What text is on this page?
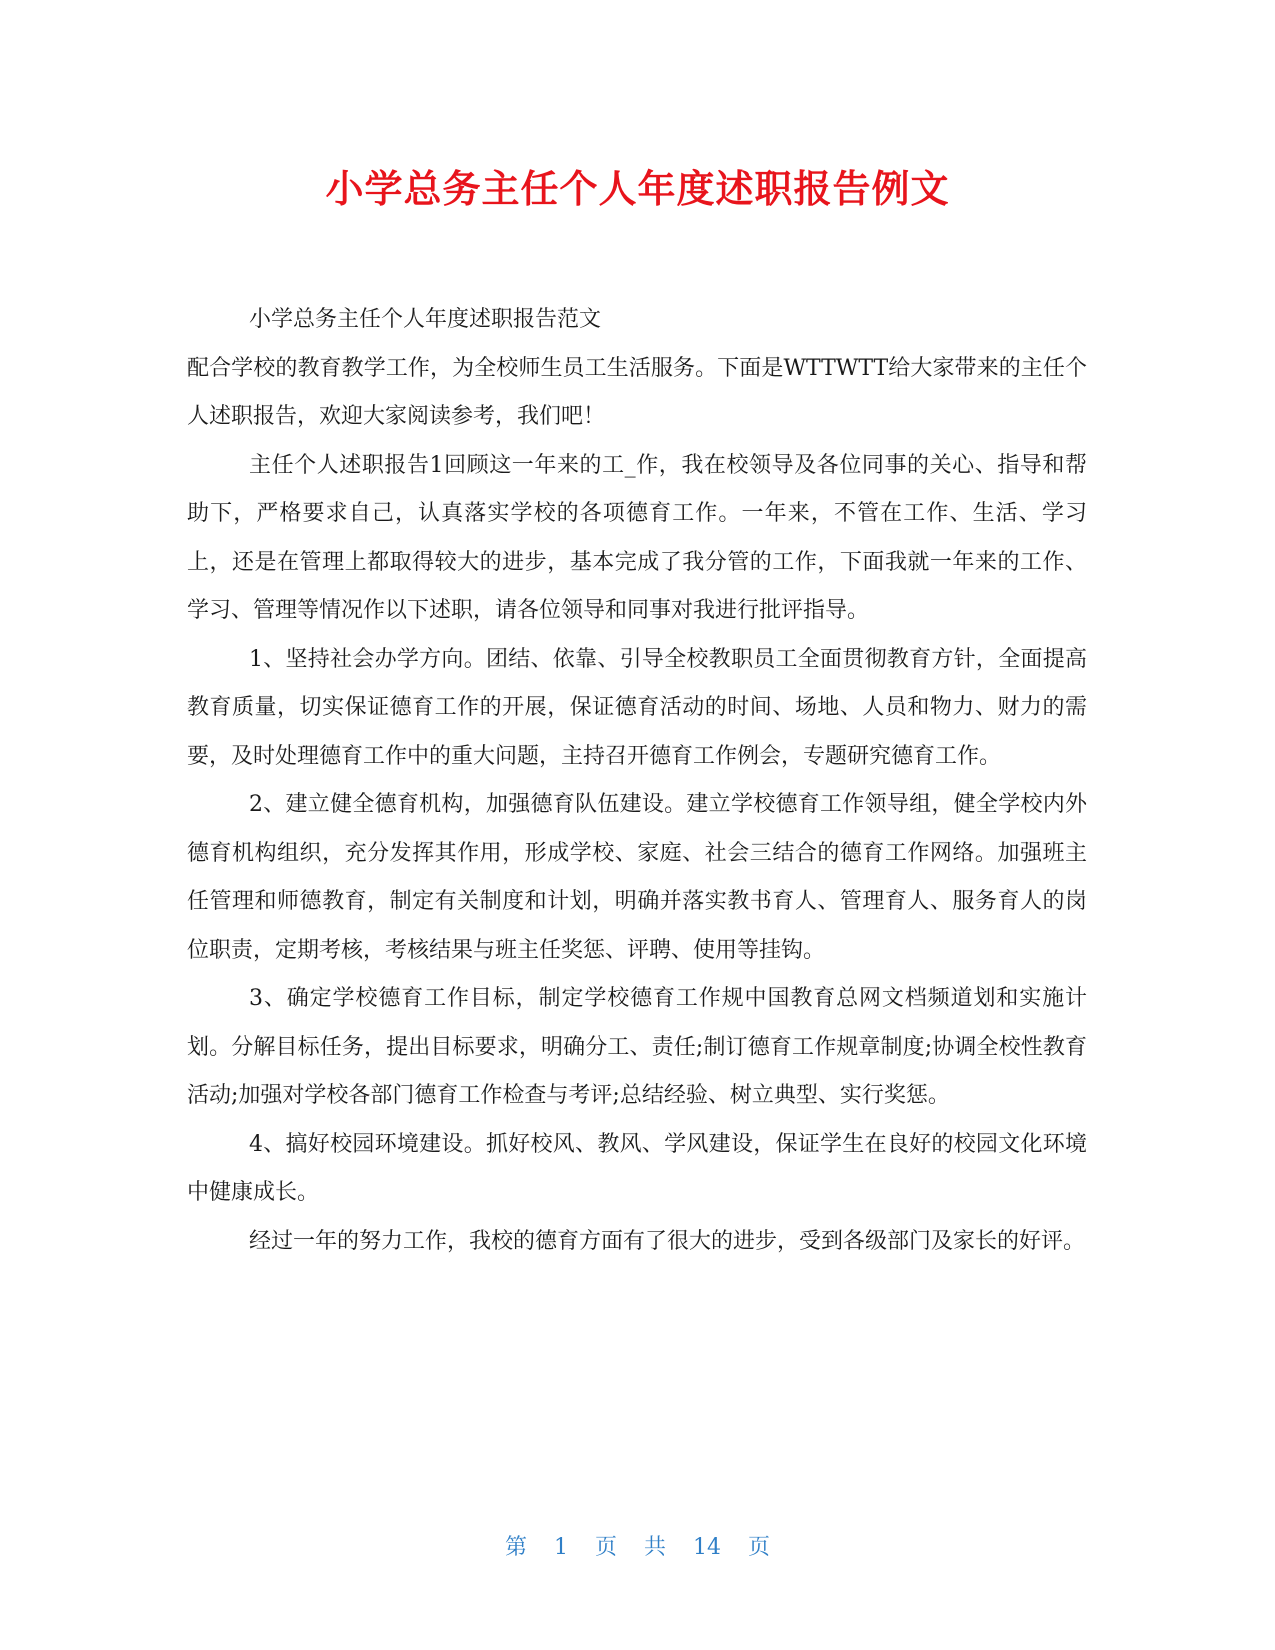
小学总务主任个人年度述职报告例文

小学总务主任个人年度述职报告范文

配合学校的教育教学工作，为全校师生员工生活服务。下面是WTTWTT给大家带来的主任个人述职报告，欢迎大家阅读参考，我们吧！

主任个人述职报告1回顾这一年来的工_作，我在校领导及各位同事的关心、指导和帮助下，严格要求自己，认真落实学校的各项德育工作。一年来，不管在工作、生活、学习上，还是在管理上都取得较大的进步，基本完成了我分管的工作，下面我就一年来的工作、学习、管理等情况作以下述职，请各位领导和同事对我进行批评指导。

1、坚持社会办学方向。团结、依靠、引导全校教职员工全面贯彻教育方针，全面提高教育质量，切实保证德育工作的开展，保证德育活动的时间、场地、人员和物力、财力的需要，及时处理德育工作中的重大问题，主持召开德育工作例会，专题研究德育工作。

2、建立健全德育机构，加强德育队伍建设。建立学校德育工作领导组，健全学校内外德育机构组织，充分发挥其作用，形成学校、家庭、社会三结合的德育工作网络。加强班主任管理和师德教育，制定有关制度和计划，明确并落实教书育人、管理育人、服务育人的岗位职责，定期考核，考核结果与班主任奖惩、评聘、使用等挂钩。

3、确定学校德育工作目标，制定学校德育工作规中国教育总网文档频道划和实施计划。分解目标任务，提出目标要求，明确分工、责任;制订德育工作规章制度;协调全校性教育活动;加强对学校各部门德育工作检查与考评;总结经验、树立典型、实行奖惩。

4、搞好校园环境建设。抓好校风、教风、学风建设，保证学生在良好的校园文化环境中健康成长。

经过一年的努力工作，我校的德育方面有了很大的进步，受到各级部门及家长的好评。

第 1 页 共 14 页
